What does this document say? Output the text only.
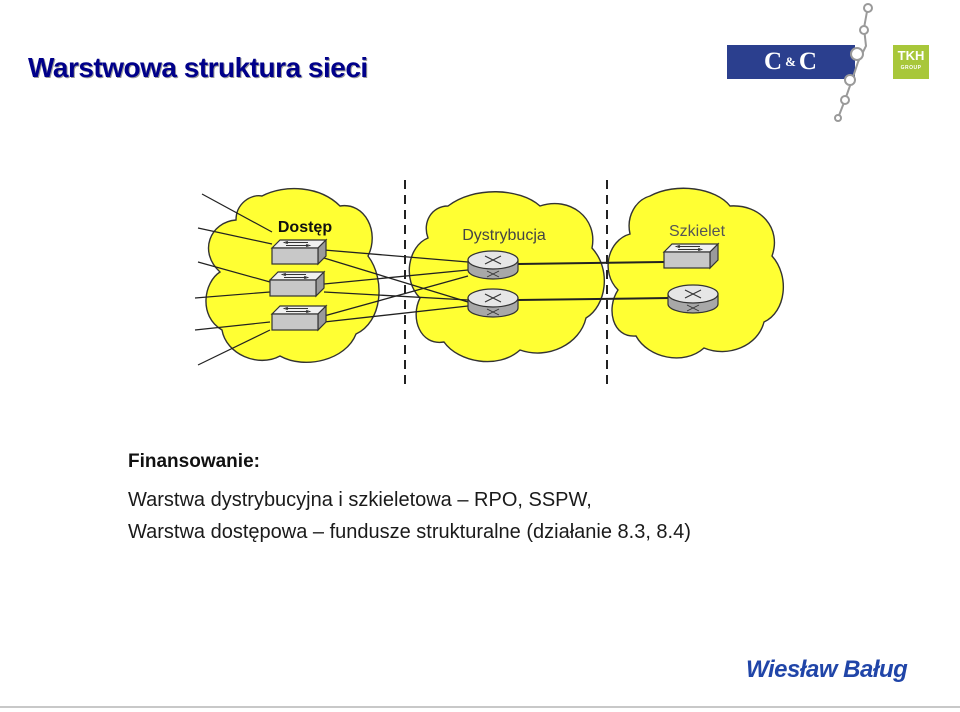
Warstwowa struktura sieci	C &C	TKH
GROUP
Dostęp	Dystrybucja	Szkielet
Finansowanie:
Warstwa dystrybucyjna i szkieletowa – RPO, SSPW,
Warstwa dostępowa – fundusze strukturalne (działanie 8.3, 8.4)
Wiesław Baług
